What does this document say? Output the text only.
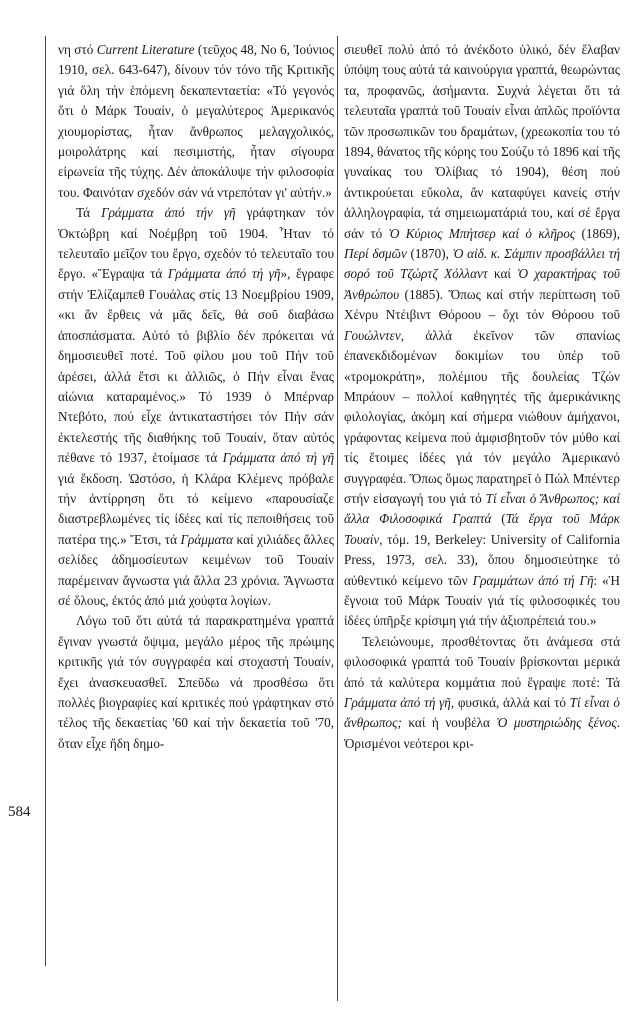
νη στό Current Literature (τεῦχος 48, Νο 6, Ἰούνιος 1910, σελ. 643-647), δίνουν τόν τόνο τῆς Κριτικῆς γιά ὅλη τήν ἑπόμενη δεκαπενταετία: «Τό γεγονός ὅτι ὁ Μάρκ Τουαίν, ὁ μεγαλύτερος Ἀμερικανός χιουμορίστας, ἦταν ἄνθρωπος μελαγχολικός, μοιρολάτρης καί πεσιμιστής, ἦταν σίγουρα εἰρωνεία τῆς τύχης. Δέν ἀποκάλυψε τήν φιλοσοφία του. Φαινόταν σχεδόν σάν νά ντρεπόταν γι' αὐτήν.»

Τά Γράμματα ἀπό τήν γῆ γράφτηκαν τόν Ὀκτώβρη καί Νοέμβρη τοῦ 1904. Ἦταν τό τελευταῖο μεῖζον του ἔργο, σχεδόν τό τελευταῖο του ἔργο. «Ἔγραψα τά Γράμματα ἀπό τή γῆ», ἔγραφε στήν Ἐλίζαμπεθ Γουάλας στίς 13 Νοεμβρίου 1909, «κι ἄν ἔρθεις νά μᾶς δεῖς, θά σοῦ διαβάσω ἀποσπάσματα. Αὐτό τό βιβλίο δέν πρόκειται νά δημοσιευθεῖ ποτέ. Τοῦ φίλου μου τοῦ Πήν τοῦ ἀρέσει, ἀλλά ἔτσι κι ἀλλιῶς, ὁ Πήν εἶναι ἕνας αἰώνια καταραμένος.» Τό 1939 ὁ Μπέρναρ Ντεβότο, πού εἶχε ἀντικαταστήσει τόν Πήν σάν ἐκτελεστής τῆς διαθήκης τοῦ Τουαίν, ὅταν αὐτός πέθανε τό 1937, ἑτοίμασε τά Γράμματα ἀπό τή γῆ γιά ἔκδοση. Ὡστόσο, ἡ Κλάρα Κλέμενς πρόβαλε τήν ἀντίρρηση ὅτι τό κείμενο «παρουσίαζε διαστρεβλωμένες τίς ἰδέες καί τίς πεποιθήσεις τοῦ πατέρα της.» Ἔτσι, τά Γράμματα καί χιλιάδες ἄλλες σελίδες ἀδημοσίευτων κειμένων τοῦ Τουαίν παρέμειναν ἄγνωστα γιά ἄλλα 23 χρόνια. Ἄγνωστα σέ ὅλους, ἐκτός ἀπό μιά χούφτα λογίων.

Λόγω τοῦ ὅτι αὐτά τά παρακρατημένα γραπτά ἔγιναν γνωστά ὄψιμα, μεγάλο μέρος τῆς πρώιμης κριτικῆς γιά τόν συγγραφέα καί στοχαστή Τουαίν, ἔχει ἀνασκευασθεῖ. Σπεῦδω νά προσθέσω ὅτι πολλές βιογραφίες καί κριτικές πού γράφτηκαν στό τέλος τῆς δεκαετίας '60 καί τήν δεκαετία τοῦ '70, ὅταν εἶχε ἤδη δημο-

σιευθεῖ πολύ ἀπό τό ἀνέκδοτο ὑλικό, δέν ἔλαβαν ὑπόψη τους αὐτά τά καινούργια γραπτά, θεωρώντας τα, προφανῶς, ἀσήμαντα. Συχνά λέγεται ὅτι τά τελευταῖα γραπτά τοῦ Τουαίν εἶναι ἁπλῶς προϊόντα τῶν προσωπικῶν του δραμάτων, (χρεωκοπία του τό 1894, θάνατος τῆς κόρης του Σούζυ τό 1896 καί τῆς γυναίκας του Ὀλίβιας τό 1904), θέση πού ἀντικρούεται εὔκολα, ἄν καταφύγει κανείς στήν ἀλληλογραφία, τά σημειωματάριά του, καί σέ ἔργα σάν τό Ὁ Κύριος Μπήτσερ καί ὁ κλῆρος (1869), Περί δσμῶν (1870), Ὁ αἰδ. κ. Σάμπιν προσβάλλει τή σορό τοῦ Τζώρτζ Χόλλαντ καί Ὁ χαρακτήρας τοῦ Ἀνθρώπου (1885). Ὅπως καί στήν περίπτωση τοῦ Χένρυ Ντέιβιντ Θόροου – ὄχι τόν Θόροου τοῦ Γουώλντεν, ἀλλά ἐκεῖνον τῶν σπανίως ἐπανεκδιδομένων δοκιμίων του ὑπέρ τοῦ «τρομοκράτη», πολέμιου τῆς δουλείας Τζών Μπράουν – πολλοί καθηγητές τῆς ἀμερικάνικης φιλολογίας, ἀκόμη καί σήμερα νιώθουν ἀμήχανοι, γράφοντας κείμενα πού ἀμφισβητοῦν τόν μύθο καί τίς ἕτοιμες ἰδέες γιά τόν μεγάλο Ἀμερικανό συγγραφέα. Ὅπως ὅμως παρατηρεῖ ὁ Πώλ Μπέντερ στήν εἰσαγωγή του γιά τό Τί εἶναι ὁ Ἄνθρωπος; καί ἄλλα Φιλοσοφικά Γραπτά (Τά ἔργα τοῦ Μάρκ Τουαίν, τόμ. 19, Berkeley: University of California Press, 1973, σελ. 33), ὅπου δημοσιεύτηκε τό αὐθεντικό κείμενο τῶν Γραμμάτων ἀπό τή Γῆ: «Ἡ ἔγνοια τοῦ Μάρκ Τουαίν γιά τίς φιλοσοφικές του ἰδέες ὑπῆρξε κρίσιμη γιά τήν ἀξιοπρέπειά του.»

Τελειώνουμε, προσθέτοντας ὅτι ἀνάμεσα στά φιλοσοφικά γραπτά τοῦ Τουαίν βρίσκονται μερικά ἀπό τά καλύτερα κομμάτια πού ἔγραψε ποτέ: Τά Γράμματα ἀπό τή γῆ, φυσικά, ἀλλά καί τό Τί εἶναι ὁ ἄνθρωπος; καί ἡ νουβέλα Ὁ μυστηριώδης ξένος. Ὁρισμένοι νεότεροι κρι-

584
